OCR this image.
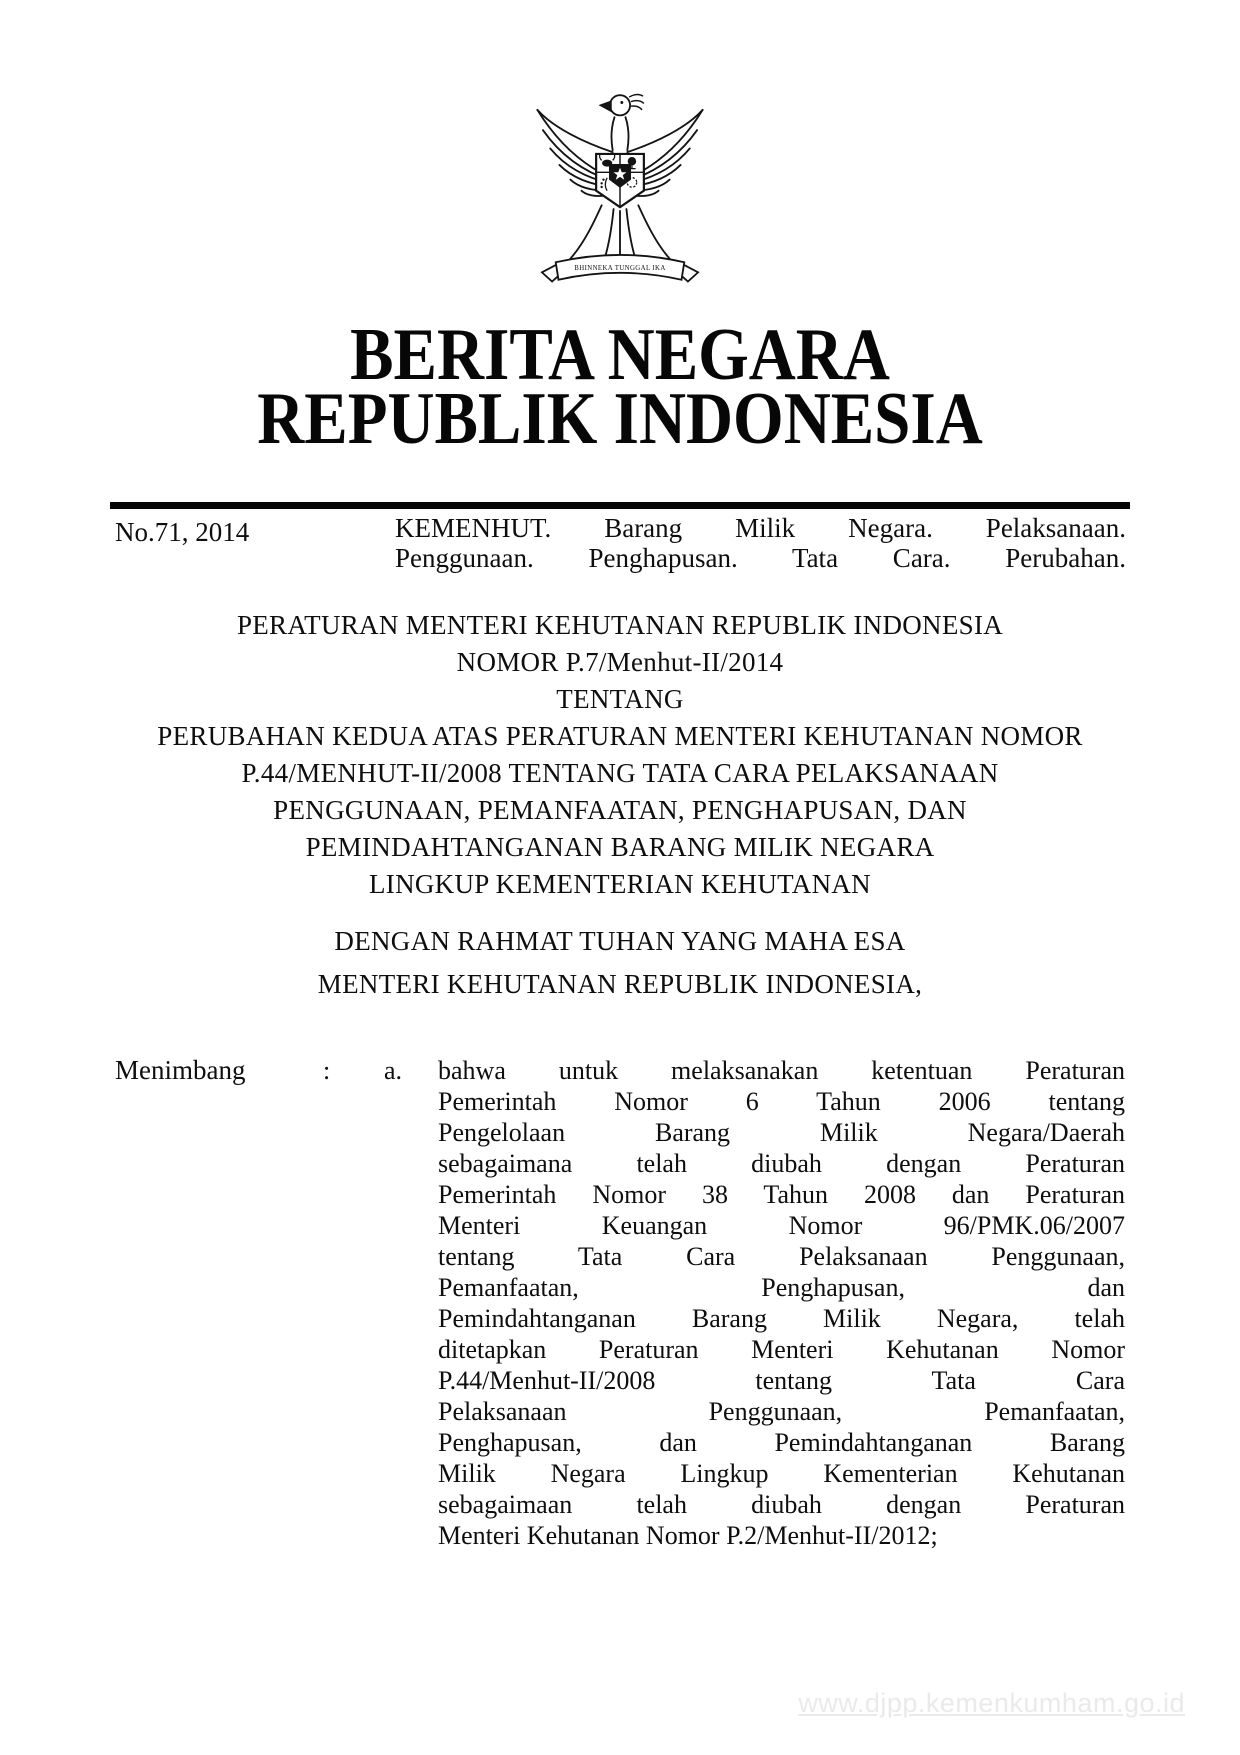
BHINNEKA TUNGGAL IKA
BERITA NEGARA
REPUBLIK INDONESIA
No.71, 2014	KEMENHUT. Barang Milik Negara. Pelaksanaan.
Penggunaan. Penghapusan. Tata Cara. Perubahan.
PERATURAN MENTERI KEHUTANAN REPUBLIK INDONESIA
NOMOR P.7/Menhut-II/2014
TENTANG
PERUBAHAN KEDUA ATAS PERATURAN MENTERI KEHUTANAN NOMOR
P.44/MENHUT-II/2008 TENTANG TATA CARA PELAKSANAAN
PENGGUNAAN, PEMANFAATAN, PENGHAPUSAN, DAN
PEMINDAHTANGANAN BARANG MILIK NEGARA
LINGKUP KEMENTERIAN KEHUTANAN
DENGAN RAHMAT TUHAN YANG MAHA ESA
MENTERI KEHUTANAN REPUBLIK INDONESIA,
Menimbang	:	a.	bahwa untuk melaksanakan ketentuan Peraturan
Pemerintah Nomor 6 Tahun 2006 tentang
Pengelolaan Barang Milik Negara/Daerah
sebagaimana telah diubah dengan Peraturan
Pemerintah Nomor 38 Tahun 2008 dan Peraturan
Menteri Keuangan Nomor 96/PMK.06/2007
tentang Tata Cara Pelaksanaan Penggunaan,
Pemanfaatan, Penghapusan, dan
Pemindahtanganan Barang Milik Negara, telah
ditetapkan Peraturan Menteri Kehutanan Nomor
P.44/Menhut-II/2008 tentang Tata Cara
Pelaksanaan Penggunaan, Pemanfaatan,
Penghapusan, dan Pemindahtanganan Barang
Milik Negara Lingkup Kementerian Kehutanan
sebagaimaan telah diubah dengan Peraturan
Menteri Kehutanan Nomor P.2/Menhut-II/2012;
www.djpp.kemenkumham.go.id
